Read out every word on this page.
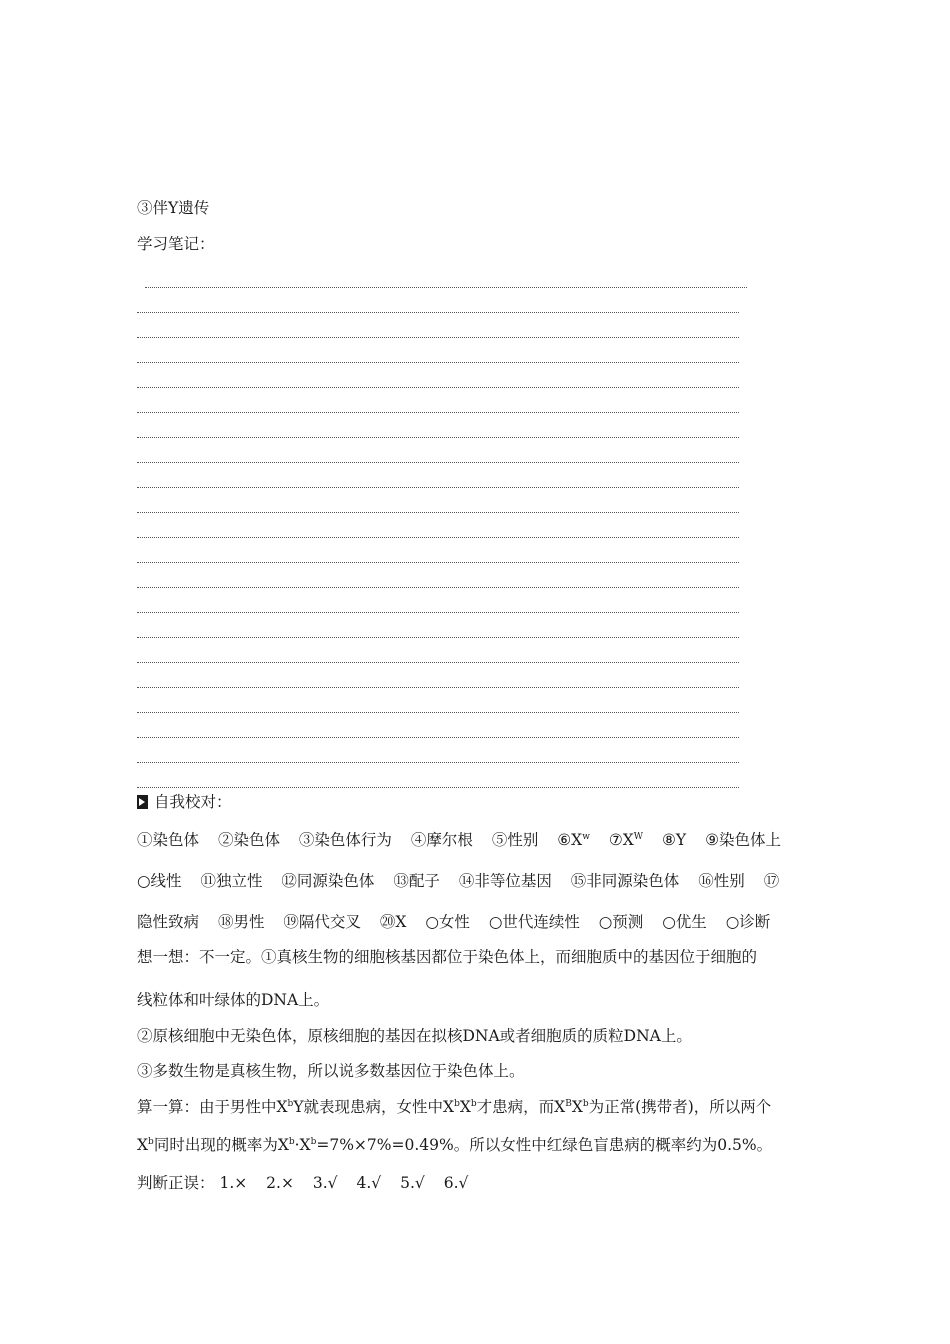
③伴Y遗传
学习笔记：
自我校对：
①染色体 ②染色体 ③染色体行为 ④摩尔根 ⑤性别 $⑥X^w$ $⑦X^W$ ⑧Y ⑨染色体上
○线性 ⑪独立性 ⑫同源染色体 ⑬配子 ⑭非等位基因 ⑮非同源染色体 ⑯性别 ⑰
隐性致病 ⑱男性 ⑲隔代交叉 ⑳X ○女性 ○世代连续性 ○预测 ○优生 ○诊断
想一想：不一定。①真核生物的细胞核基因都位于染色体上，而细胞质中的基因位于细胞的
线粒体和叶绿体的DNA上。
②原核细胞中无染色体，原核细胞的基因在拟核DNA或者细胞质的质粒DNA上。
③多数生物是真核生物，所以说多数基因位于染色体上。
算一算：由于男性中$X^bY$就表现患病，女性中$X^bX^b$才患病，而$X^BX^b$为正常(携带者)，所以两个
$X^b$同时出现的概率为$X^b\cdot X^b=7\%\times 7\%=0.49\%$。所以女性中红绿色盲患病的概率约为0.5%。
判断正误： 1.× 2.× 3.√ 4.√ 5.√ 6.√
